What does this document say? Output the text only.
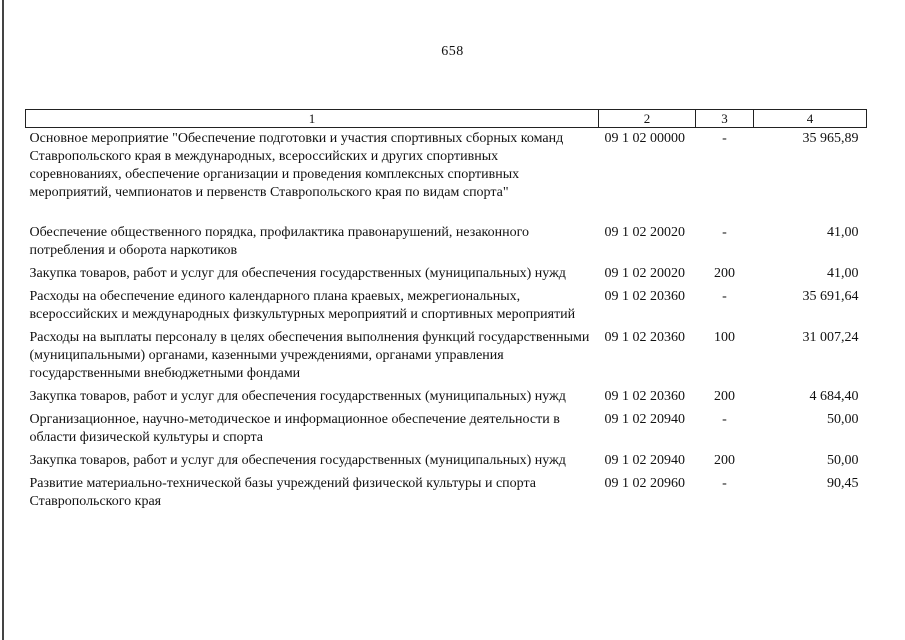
658
1	2	3	4
Основное мероприятие "Обеспечение подготовки и участия спортивных сборных команд Ставропольского края в международных, всероссийских и других спортивных соревнованиях, обеспечение организации и проведения комплексных спортивных мероприятий, чемпионатов и первенств Ставропольского края по видам спорта"	09 1 02 00000	-	35 965,89
Обеспечение общественного порядка, профилактика правонарушений, незаконного потребления и оборота наркотиков	09 1 02 20020	-	41,00
Закупка товаров, работ и услуг для обеспечения государственных (муниципальных) нужд	09 1 02 20020	200	41,00
Расходы на обеспечение единого календарного плана краевых, межрегиональных, всероссийских и международных физкультурных мероприятий и спортивных мероприятий	09 1 02 20360	-	35 691,64
Расходы на выплаты персоналу в целях обеспечения выполнения функций государственными (муниципальными) органами, казенными учреждениями, органами управления государственными внебюджетными фондами	09 1 02 20360	100	31 007,24
Закупка товаров, работ и услуг для обеспечения государственных (муниципальных) нужд	09 1 02 20360	200	4 684,40
Организационное, научно-методическое и информационное обеспечение деятельности в области физической культуры и спорта	09 1 02 20940	-	50,00
Закупка товаров, работ и услуг для обеспечения государственных (муниципальных) нужд	09 1 02 20940	200	50,00
Развитие материально-технической базы учреждений физической культуры и спорта Ставропольского края	09 1 02 20960	-	90,45
